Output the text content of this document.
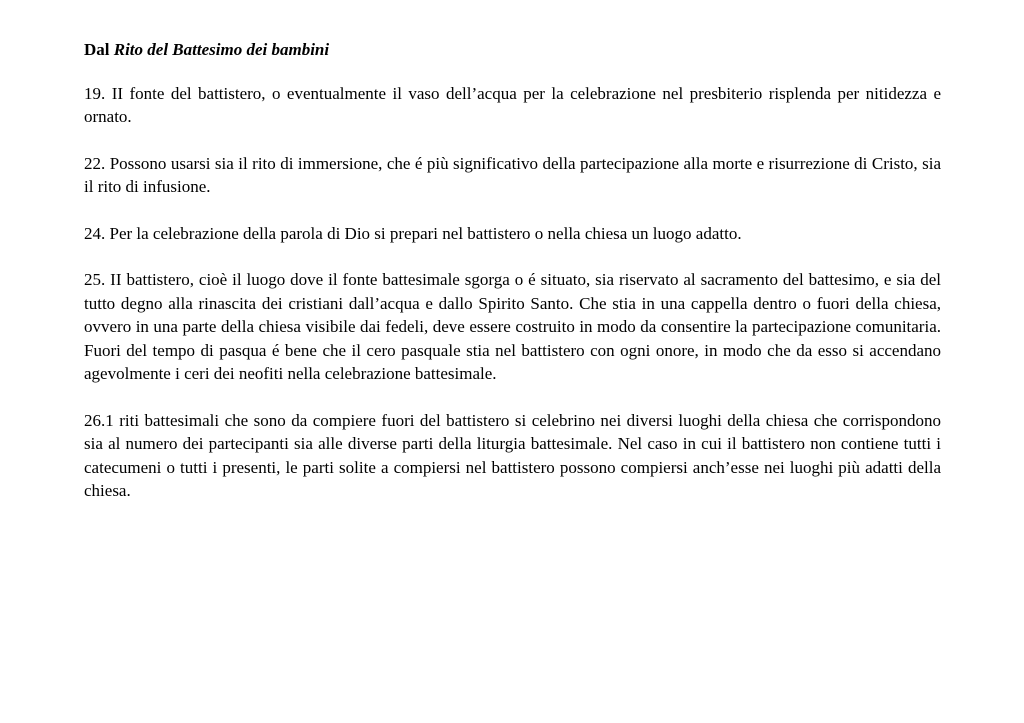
Dal Rito del Battesimo dei bambini

19. II fonte del battistero, o eventualmente il vaso dell’acqua per la celebrazione nel presbiterio risplenda per nitidezza e ornato.

22. Possono usarsi sia il rito di immersione, che é più significativo della partecipazione alla morte e risurrezione di Cristo, sia il rito di infusione.

24. Per la celebrazione della parola di Dio si prepari nel battistero o nella chiesa un luogo adatto.

25. II battistero, cioè il luogo dove il fonte battesimale sgorga o é situato, sia riservato al sacramento del battesimo, e sia del tutto degno alla rinascita dei cristiani dall’acqua e dallo Spirito Santo. Che stia in una cappella dentro o fuori della chiesa, ovvero in una parte della chiesa visibile dai fedeli, deve essere costruito in modo da consentire la partecipazione comunitaria. Fuori del tempo di pasqua é bene che il cero pasquale stia nel battistero con ogni onore, in modo che da esso si accendano agevolmente i ceri dei neofiti nella celebrazione battesimale.

26.1 riti battesimali che sono da compiere fuori del battistero si celebrino nei diversi luoghi della chiesa che corrispondono sia al numero dei partecipanti sia alle diverse parti della liturgia battesimale. Nel caso in cui il battistero non contiene tutti i catecumeni o tutti i presenti, le parti solite a compiersi nel battistero possono compiersi anch’esse nei luoghi più adatti della chiesa.
